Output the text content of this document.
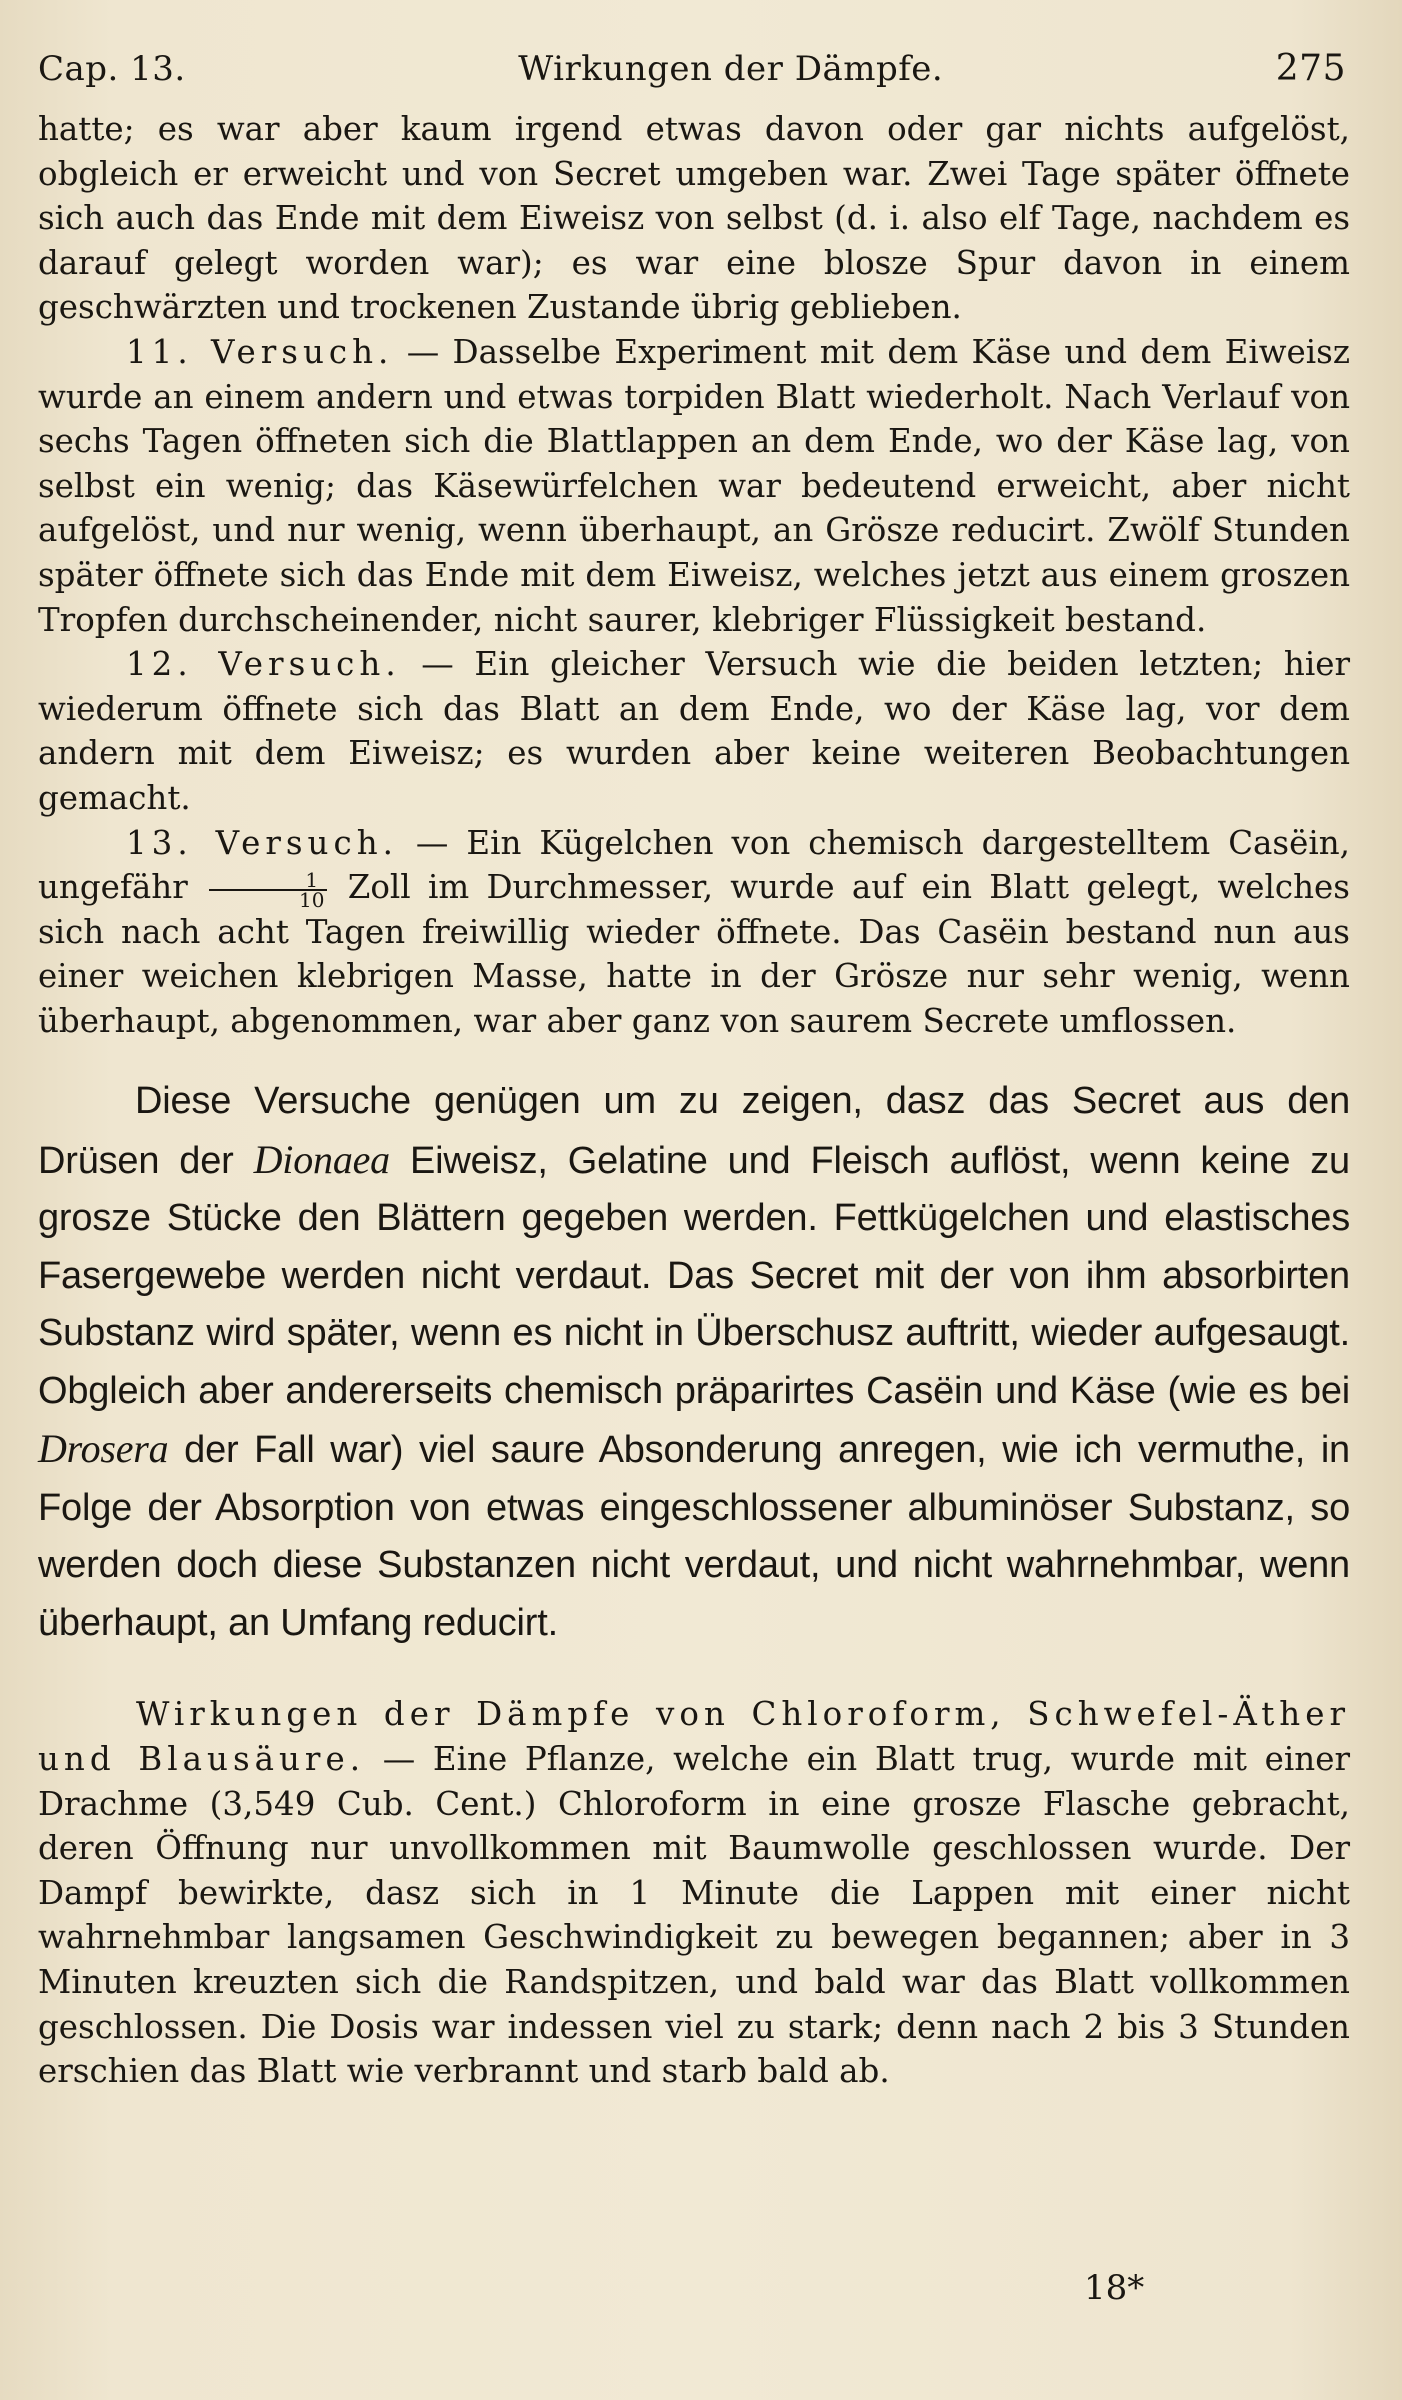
Cap. 13.	Wirkungen der Dämpfe.	275

hatte; es war aber kaum irgend etwas davon oder gar nichts aufgelöst, obgleich er erweicht und von Secret umgeben war. Zwei Tage später öffnete sich auch das Ende mit dem Eiweisz von selbst (d. i. also elf Tage, nachdem es darauf gelegt worden war); es war eine blosze Spur davon in einem geschwärzten und trockenen Zustande übrig geblieben.

11. Versuch. — Dasselbe Experiment mit dem Käse und dem Eiweisz wurde an einem andern und etwas torpiden Blatt wiederholt. Nach Verlauf von sechs Tagen öffneten sich die Blattlappen an dem Ende, wo der Käse lag, von selbst ein wenig; das Käsewürfelchen war bedeutend erweicht, aber nicht aufgelöst, und nur wenig, wenn überhaupt, an Grösze reducirt. Zwölf Stunden später öffnete sich das Ende mit dem Eiweisz, welches jetzt aus einem groszen Tropfen durchscheinender, nicht saurer, klebriger Flüssigkeit bestand.

12. Versuch. — Ein gleicher Versuch wie die beiden letzten; hier wiederum öffnete sich das Blatt an dem Ende, wo der Käse lag, vor dem andern mit dem Eiweisz; es wurden aber keine weiteren Beobachtungen gemacht.

13. Versuch. — Ein Kügelchen von chemisch dargestelltem Casëin, ungefähr $\frac{1}{10}$ Zoll im Durchmesser, wurde auf ein Blatt gelegt, welches sich nach acht Tagen freiwillig wieder öffnete. Das Casëin bestand nun aus einer weichen klebrigen Masse, hatte in der Grösze nur sehr wenig, wenn überhaupt, abgenommen, war aber ganz von saurem Secrete umflossen.

Diese Versuche genügen um zu zeigen, dasz das Secret aus den Drüsen der Dionaea Eiweisz, Gelatine und Fleisch auflöst, wenn keine zu grosze Stücke den Blättern gegeben werden. Fettkügelchen und elastisches Fasergewebe werden nicht verdaut. Das Secret mit der von ihm absorbirten Substanz wird später, wenn es nicht in Überschusz auftritt, wieder aufgesaugt. Obgleich aber andererseits chemisch präparirtes Casëin und Käse (wie es bei Drosera der Fall war) viel saure Absonderung anregen, wie ich vermuthe, in Folge der Absorption von etwas eingeschlossener albuminöser Substanz, so werden doch diese Substanzen nicht verdaut, und nicht wahrnehmbar, wenn überhaupt, an Umfang reducirt.

Wirkungen der Dämpfe von Chloroform, Schwefel-Äther und Blausäure. — Eine Pflanze, welche ein Blatt trug, wurde mit einer Drachme (3,549 Cub. Cent.) Chloroform in eine grosze Flasche gebracht, deren Öffnung nur unvollkommen mit Baumwolle geschlossen wurde. Der Dampf bewirkte, dasz sich in 1 Minute die Lappen mit einer nicht wahrnehmbar langsamen Geschwindigkeit zu bewegen begannen; aber in 3 Minuten kreuzten sich die Randspitzen, und bald war das Blatt vollkommen geschlossen. Die Dosis war indessen viel zu stark; denn nach 2 bis 3 Stunden erschien das Blatt wie verbrannt und starb bald ab.

18*
